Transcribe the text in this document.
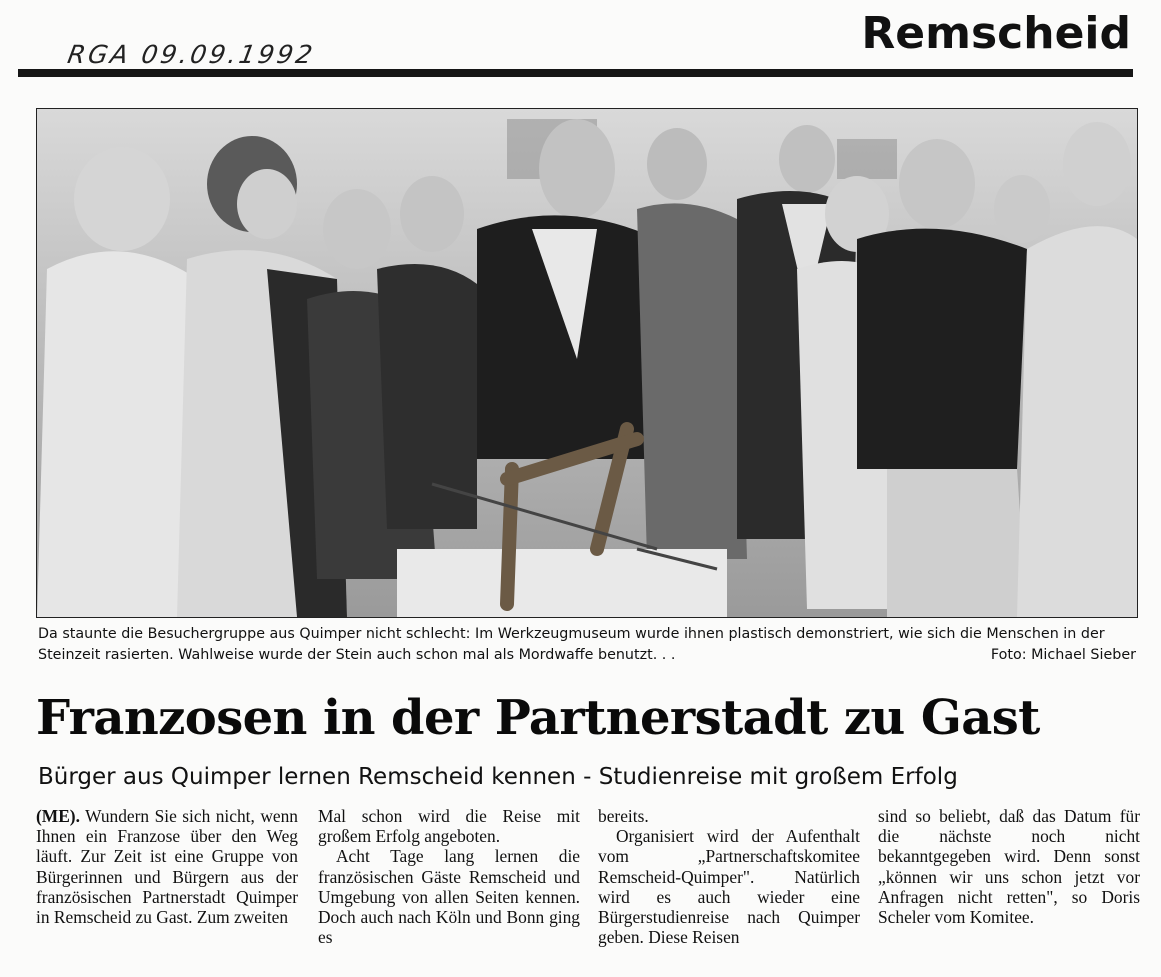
RGA 09.09.1992	Remscheid
Da staunte die Besuchergruppe aus Quimper nicht schlecht: Im Werkzeugmuseum wurde ihnen plastisch demonstriert, wie sich die Menschen in der Steinzeit rasierten. Wahlweise wurde der Stein auch schon mal als Mordwaffe benutzt. . .	Foto: Michael Sieber
Franzosen in der Partnerstadt zu Gast
Bürger aus Quimper lernen Remscheid kennen - Studienreise mit großem Erfolg

(ME). Wundern Sie sich nicht, wenn Ihnen ein Franzose über den Weg läuft. Zur Zeit ist eine Gruppe von Bürgerinnen und Bürgern aus der französischen Partnerstadt Quimper in Remscheid zu Gast. Zum zweiten

Mal schon wird die Reise mit großem Erfolg angeboten.

Acht Tage lang lernen die französischen Gäste Remscheid und Umgebung von allen Seiten kennen. Doch auch nach Köln und Bonn ging es

bereits.

Organisiert wird der Aufenthalt vom „Partnerschaftskomitee Remscheid-Quimper". Natürlich wird es auch wieder eine Bürgerstudienreise nach Quimper geben. Diese Reisen

sind so beliebt, daß das Datum für die nächste noch nicht bekanntgegeben wird. Denn sonst „können wir uns schon jetzt vor Anfragen nicht retten", so Doris Scheler vom Komitee.
